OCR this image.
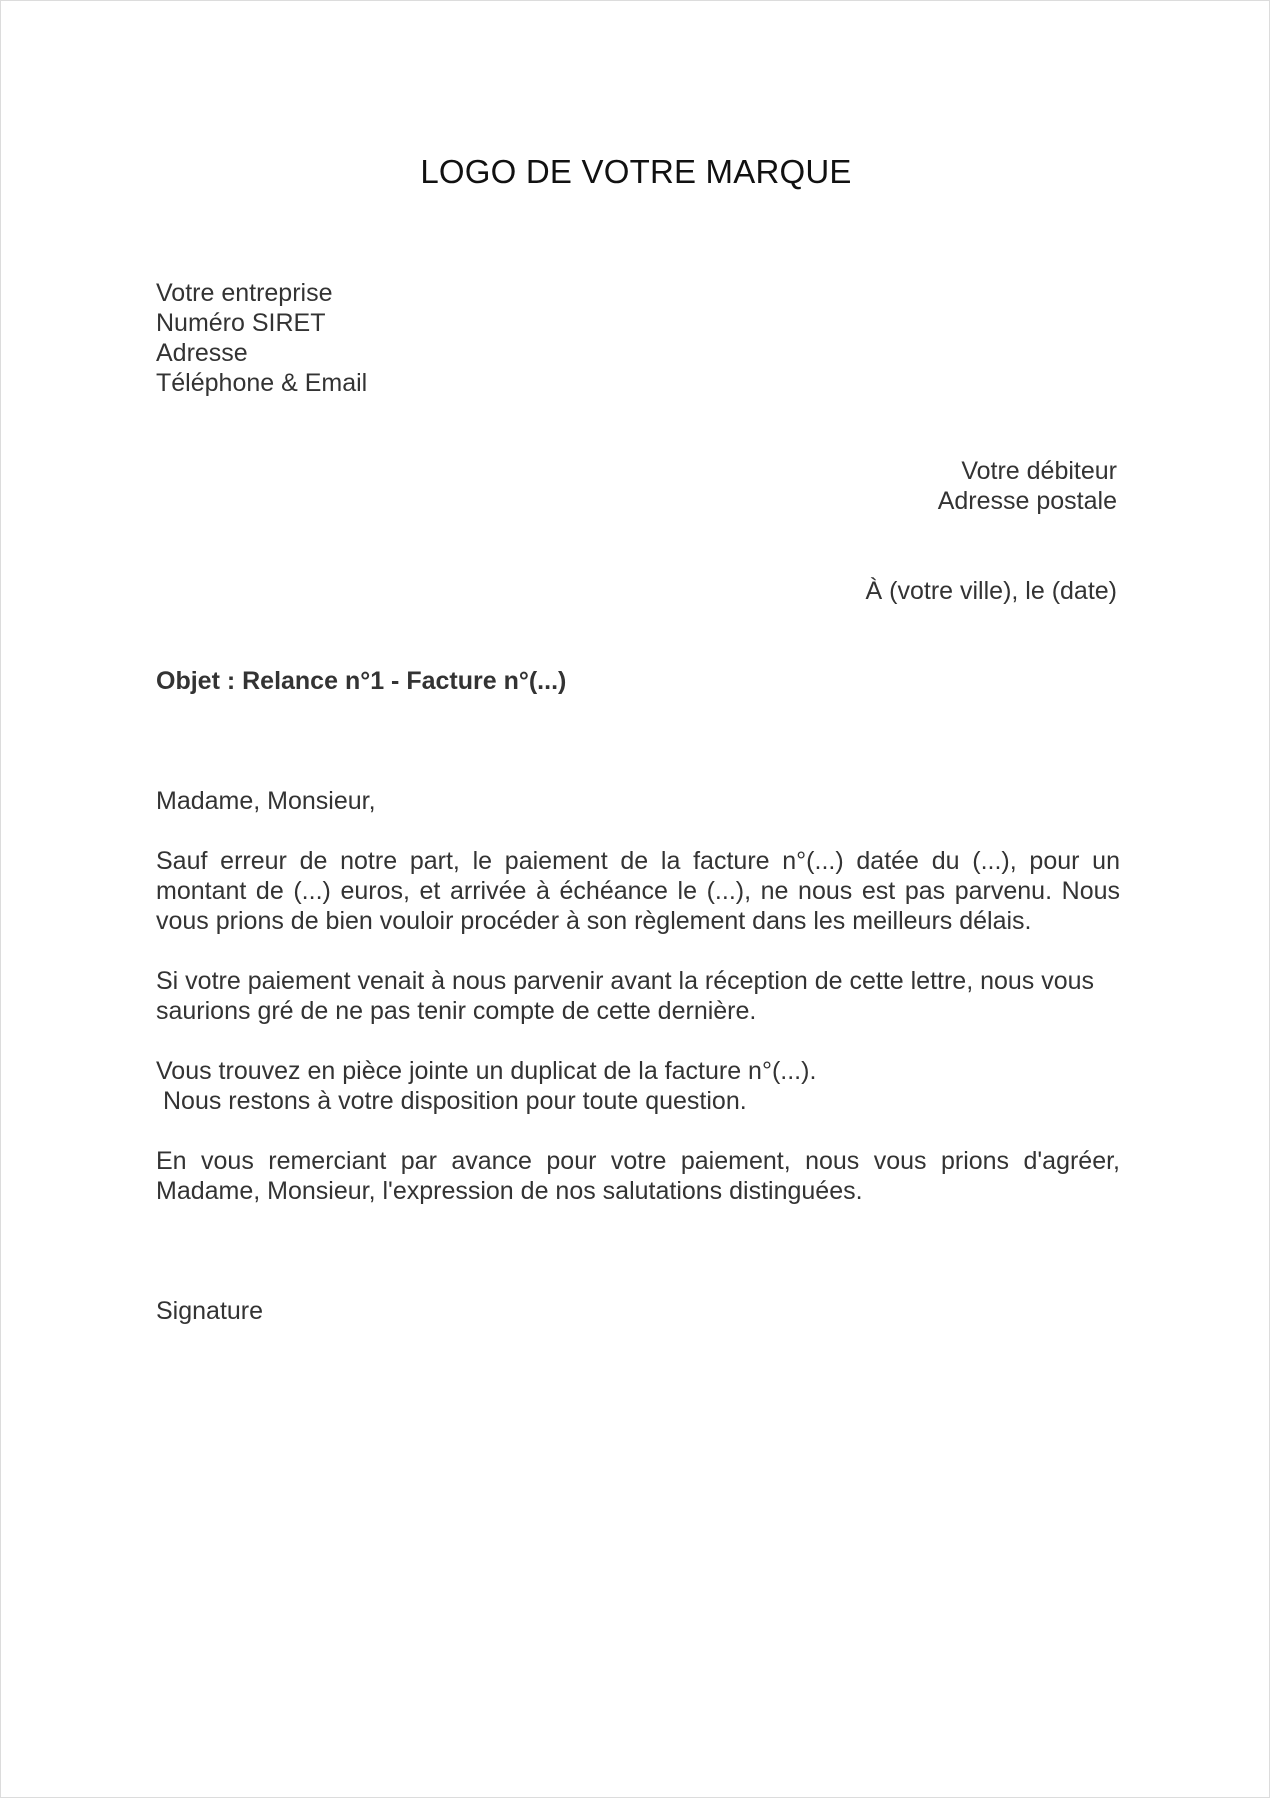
LOGO DE VOTRE MARQUE
Votre entreprise
Numéro SIRET
Adresse
Téléphone & Email
Votre débiteur
Adresse postale
À (votre ville), le (date)
Objet : Relance n°1 - Facture n°(...)
Madame, Monsieur,
Sauf erreur de notre part, le paiement de la facture n°(...) datée du (...), pour un montant de (...) euros, et arrivée à échéance le (...), ne nous est pas parvenu. Nous vous prions de bien vouloir procéder à son règlement dans les meilleurs délais.
Si votre paiement venait à nous parvenir avant la réception de cette lettre, nous vous saurions gré de ne pas tenir compte de cette dernière.
Vous trouvez en pièce jointe un duplicat de la facture n°(...).
Nous restons à votre disposition pour toute question.
En vous remerciant par avance pour votre paiement, nous vous prions d'agréer, Madame, Monsieur, l'expression de nos salutations distinguées.
Signature
